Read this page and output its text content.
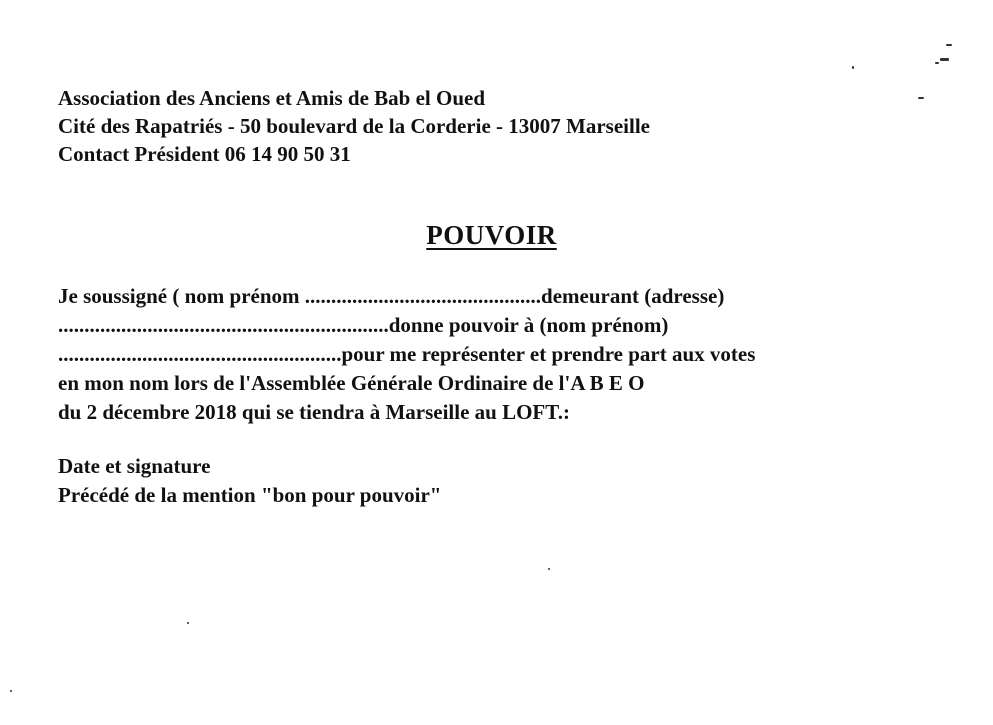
Association des Anciens et Amis de Bab el Oued
Cité des Rapatriés - 50 boulevard de la Corderie - 13007 Marseille
Contact Président 06 14 90 50 31
POUVOIR
Je soussigné ( nom prénom .............................................demeurant (adresse)
...............................................................donne pouvoir à (nom prénom)
......................................................pour me représenter et prendre part aux votes
en mon nom lors de l'Assemblée Générale Ordinaire de l'A B E O
du 2 décembre 2018 qui se tiendra à Marseille au LOFT.:
Date et signature
Précédé de la mention "bon pour pouvoir"
